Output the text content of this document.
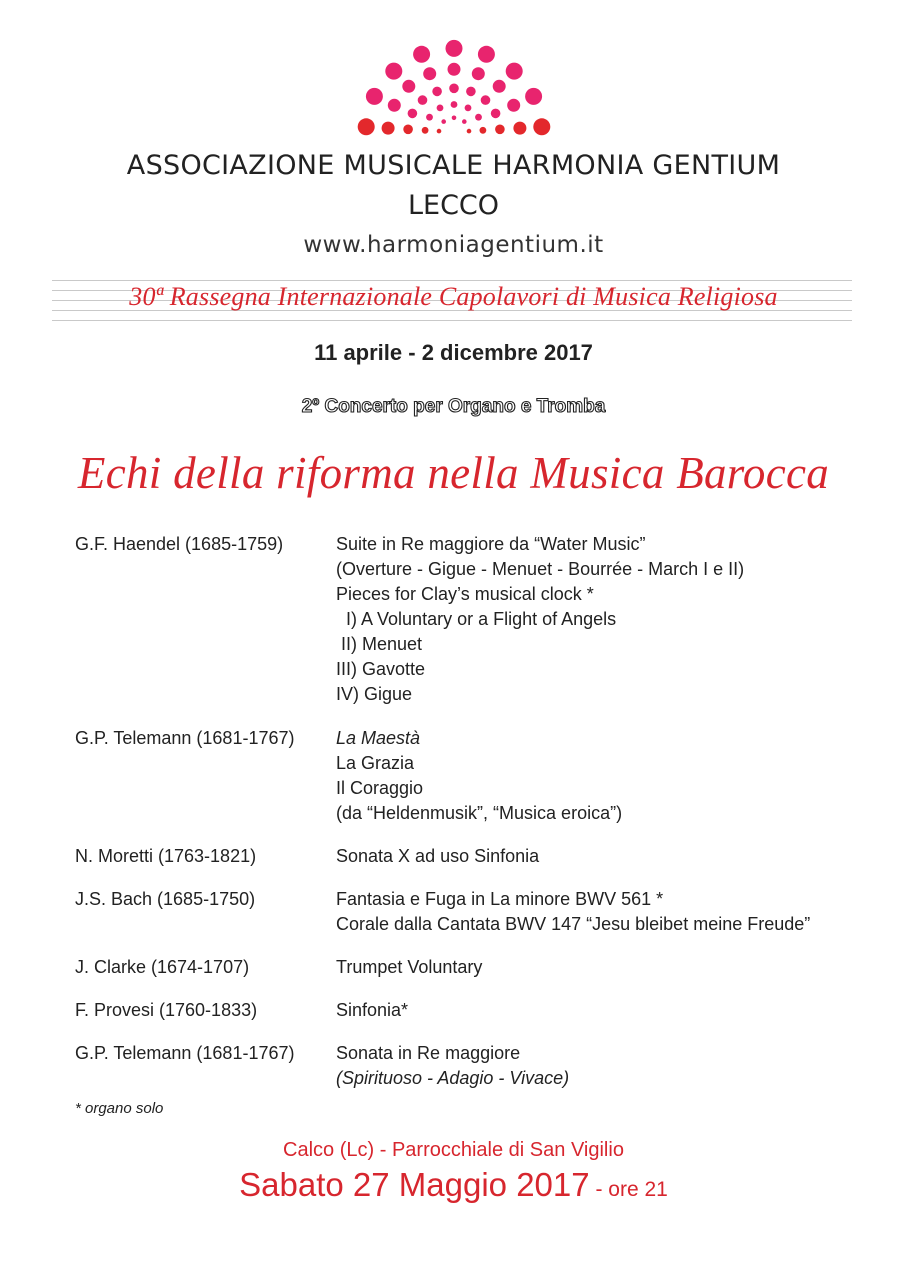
ASSOCIAZIONE MUSICALE HARMONIA GENTIUM
LECCO
www.harmoniagentium.it
30ª Rassegna Internazionale Capolavori di Musica Religiosa
11 aprile - 2 dicembre 2017
2º Concerto per Organo e Tromba
Echi della riforma nella Musica Barocca
G.F. Haendel (1685-1759)	Suite in Re maggiore da “Water Music”
(Overture - Gigue - Menuet - Bourrée - March I e II)
Pieces for Clay’s musical clock *
I) A Voluntary or a Flight of Angels
II) Menuet
III) Gavotte
IV) Gigue
G.P. Telemann (1681-1767)	La Maestà
La Grazia
Il Coraggio
(da “Heldenmusik”, “Musica eroica”)
N. Moretti (1763-1821)	Sonata X ad uso Sinfonia
J.S. Bach (1685-1750)	Fantasia e Fuga in La minore BWV 561 *
Corale dalla Cantata BWV 147 “Jesu bleibet meine Freude”
J. Clarke (1674-1707)	Trumpet Voluntary
F. Provesi (1760-1833)	Sinfonia*
G.P. Telemann (1681-1767)	Sonata in Re maggiore
(Spirituoso - Adagio - Vivace)
* organo solo
Calco (Lc) - Parrocchiale di San Vigilio
Sabato 27 Maggio 2017 - ore 21
